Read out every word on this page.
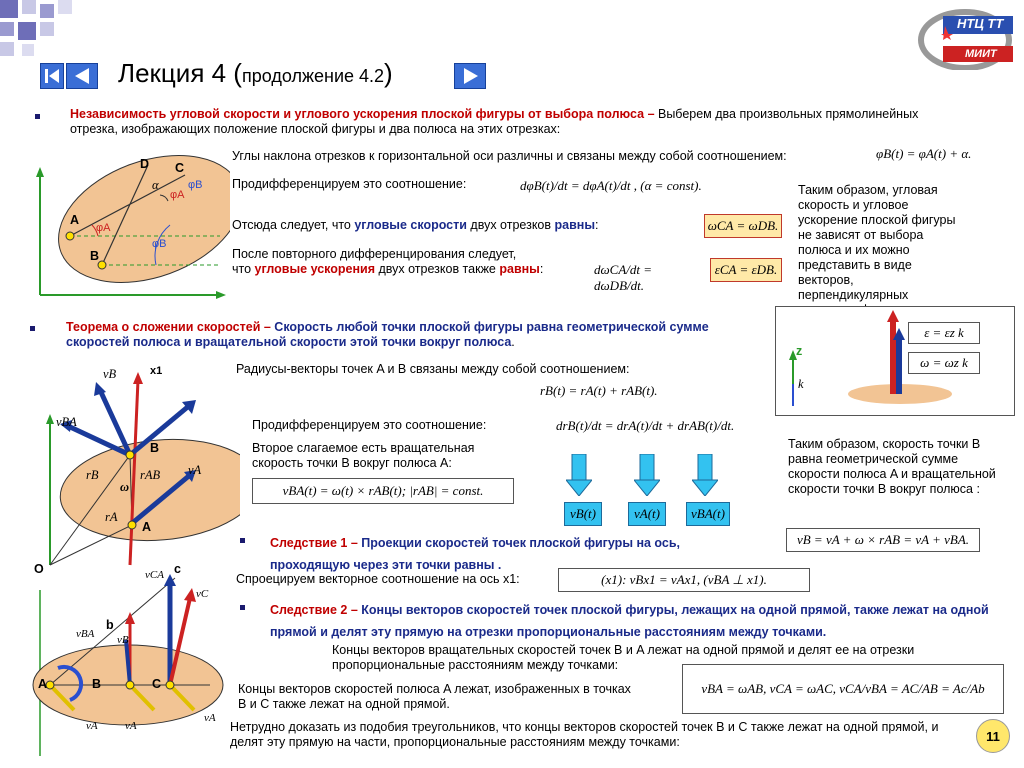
Лекция 4 (продолжение 4.2)
НТЦ ТТ
МИИТ
Независимость угловой скорости и углового ускорения плоской фигуры от выбора полюса – Выберем два произвольных прямолинейных отрезка, изображающих положение плоской фигуры и два полюса на этих отрезках:
D C
A
B
α	φB
φA
φA
φB
Углы наклона отрезков к горизонтальной оси различны и связаны между собой соотношением:	φB(t) = φA(t) + α.
Продифференцируем это соотношение:	dφB(t)/dt = dφA(t)/dt , (α = const).
Отсюда следует, что угловые скорости двух отрезков равны:	ωCA = ωDB.
После повторного дифференцирования следует,
что угловые ускорения двух отрезков также равны:	dωCA/dt = dωDB/dt.
εCA = εDB.
Таким образом, угловая скорость и угловое ускорение плоской фигуры не зависят от выбора полюса и их можно представить в виде векторов, перпендикулярных
Теорема о сложении скоростей – Скорость любой точки плоской фигуры равна геометрической сумме скоростей полюса и вращательной скорости этой точки вокруг полюса.
z
k
ε = εz k
ω = ωz k
vB	x1
vBA
B
rB	rAB
ω
rA
A
O
vA
Радиусы-векторы точек A и B связаны между собой соотношением:
rB(t) = rA(t) + rAB(t).
Продифференцируем это соотношение:	drB(t)/dt = drA(t)/dt + drAB(t)/dt.
Второе слагаемое есть вращательная скорость точки B вокруг полюса A:
vBA(t) = ω(t) × rAB(t); |rAB| = const.
vB(t)	vA(t)	vBA(t)
Таким образом, скорость точки B равна геометрической сумме скорости полюса A и вращательной скорости точки B вокруг полюса :
vB = vA + ω × rAB = vA + vBA.
Следствие 1 – Проекции скоростей точек плоской фигуры на ось, проходящую через эти точки равны .
Спроецируем векторное соотношение на ось x1:	(x1): vBx1 = vAx1, (vBA ⊥ x1).
Следствие 2 – Концы векторов скоростей точек плоской фигуры, лежащих на одной прямой, также лежат на одной прямой и делят эту прямую на отрезки пропорциональные расстояниям между точками.
Концы векторов вращательных скоростей точек B и A лежат на одной прямой и делят ее на отрезки пропорциональные расстояниям между точками:
Концы векторов скоростей полюса A лежат, изображенных в точках B и C также лежат на одной прямой.
vBA = ωAB, vCA = ωAC, vCA/vBA = AC/AB = Ac/Ab
Нетрудно доказать из подобия треугольников, что концы векторов скоростей точек B и C также лежат на одной прямой, и делят эту прямую на части, пропорциональные расстояниям между точками:
vCA c
vC
b
vBA vB
A	B	C
vA vA
vA
11
